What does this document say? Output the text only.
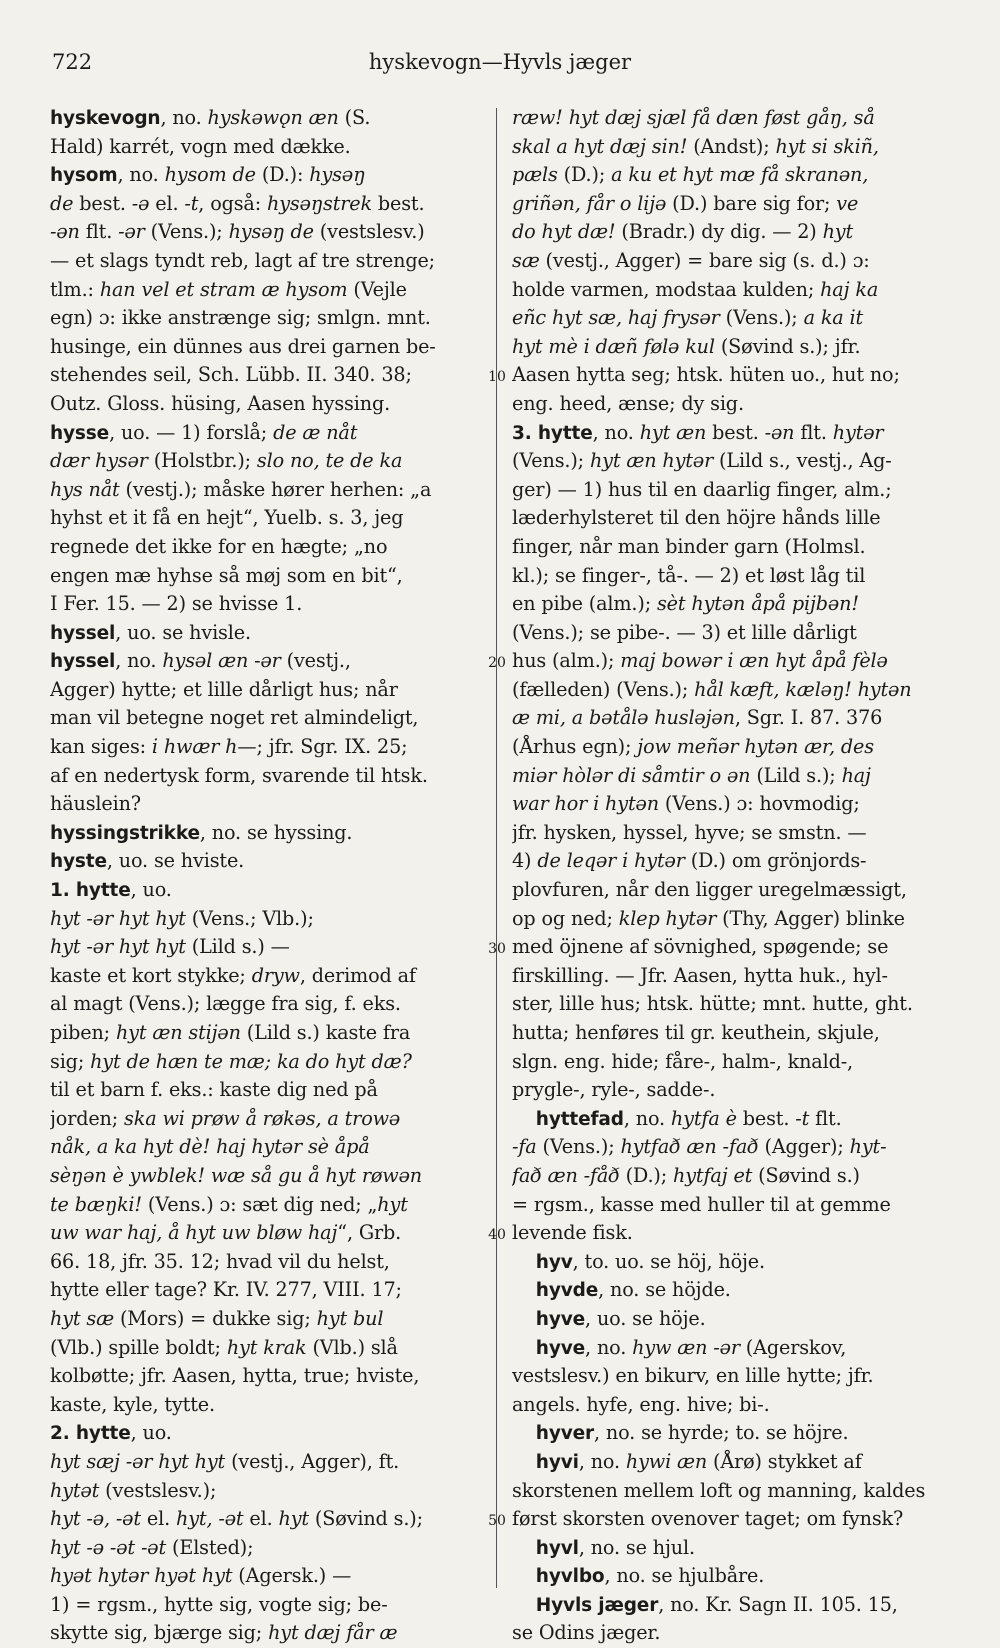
722	hyskevogn—Hyvls jæger
hyskevogn, no. hyskəwǫn æn (S.
Hald) karrét, vogn med dække.
hysom, no. hysom de (D.): hysəŋ
de best. -ə el. -t, også: hysəŋstrek best.
-ən flt. -ər (Vens.); hysəŋ de (vestslesv.)
— et slags tyndt reb, lagt af tre strenge;
tlm.: han vel et stram æ hysom (Vejle
egn) ɔ: ikke anstrænge sig; smlgn. mnt.
husinge, ein dünnes aus drei garnen be-
stehendes seil, Sch. Lübb. II. 340. 38;
Outz. Gloss. hüsing, Aasen hyssing.
hysse, uo. — 1) forslå; de æ nåt
dær hysər (Holstbr.); slo no, te de ka
hys nåt (vestj.); måske hører herhen: „a
hyhst et it få en hejt“, Yuelb. s. 3, jeg
regnede det ikke for en hægte; „no
engen mæ hyhse så møj som en bit“,
I Fer. 15. — 2) se hvisse 1.
hyssel, uo. se hvisle.
hyssel, no. hysəl æn -ər (vestj.,
Agger) hytte; et lille dårligt hus; når
man vil betegne noget ret almindeligt,
kan siges: i hwær h—; jfr. Sgr. IX. 25;
af en nedertysk form, svarende til htsk.
häuslein?
hyssingstrikke, no. se hyssing.
hyste, uo. se hviste.
1. hytte, uo.
hyt -ər hyt hyt (Vens.; Vlb.);
hyt -ər hyt hyt (Lild s.) —
kaste et kort stykke; dryw, derimod af
al magt (Vens.); lægge fra sig, f. eks.
piben; hyt æn stijən (Lild s.) kaste fra
sig; hyt de hæn te mæ; ka do hyt dæ?
til et barn f. eks.: kaste dig ned på
jorden; ska wi prøw å røkəs, a trowə
nåk, a ka hyt dè! haj hytər sè åpå
sèŋən è ywblek! wæ så gu å hyt røwən
te bæŋki! (Vens.) ɔ: sæt dig ned; „hyt
uw war haj, å hyt uw bløw haj“, Grb.
66. 18, jfr. 35. 12; hvad vil du helst,
hytte eller tage? Kr. IV. 277, VIII. 17;
hyt sæ (Mors) = dukke sig; hyt bul
(Vlb.) spille boldt; hyt krak (Vlb.) slå
kolbøtte; jfr. Aasen, hytta, true; hviste,
kaste, kyle, tytte.
2. hytte, uo.
hyt sæj -ər hyt hyt (vestj., Agger), ft.
hytət (vestslesv.);
hyt -ə, -ət el. hyt, -ət el. hyt (Søvind s.);
hyt -ə -ət -ət (Elsted);
hyət hytər hyət hyt (Agersk.) —
1) = rgsm., hytte sig, vogte sig; be-
skytte sig, bjærge sig; hyt dæj får æ
ræw! hyt dæj sjæl få dæn føst gåŋ, så
skal a hyt dæj sin! (Andst); hyt si skiñ,
pæls (D.); a ku et hyt mæ få skranən,
griñən, får o lijə (D.) bare sig for; ve
do hyt dæ! (Bradr.) dy dig. — 2) hyt
sæ (vestj., Agger) = bare sig (s. d.) ɔ:
holde varmen, modstaa kulden; haj ka
eñc hyt sæ, haj frysər (Vens.); a ka it
hyt mè i dæñ følə kul (Søvind s.); jfr.
Aasen hytta seg; htsk. hüten uo., hut no;
eng. heed, ænse; dy sig.
3. hytte, no. hyt æn best. -ən flt. hytər
(Vens.); hyt æn hytər (Lild s., vestj., Ag-
ger) — 1) hus til en daarlig finger, alm.;
læderhylsteret til den höjre hånds lille
finger, når man binder garn (Holmsl.
kl.); se finger-, tå-. — 2) et løst låg til
en pibe (alm.); sèt hytən åpå pijbən!
(Vens.); se pibe-. — 3) et lille dårligt
hus (alm.); maj bowər i æn hyt åpå fèlə
(fælleden) (Vens.); hål kæft, kæləŋ! hytən
æ mi, a bətålə husləjən, Sgr. I. 87. 376
(Århus egn); jow meñər hytən ær, des
miər hòlər di såmtir o ən (Lild s.); haj
war hor i hytən (Vens.) ɔ: hovmodig;
jfr. hysken, hyssel, hyve; se smstn. —
4) de leqər i hytər (D.) om grönjords-
plovfuren, når den ligger uregelmæssigt,
op og ned; klep hytər (Thy, Agger) blinke
med öjnene af sövnighed, spøgende; se
firskilling. — Jfr. Aasen, hytta huk., hyl-
ster, lille hus; htsk. hütte; mnt. hutte, ght.
hutta; henføres til gr. keuthein, skjule,
slgn. eng. hide; fåre-, halm-, knald-,
prygle-, ryle-, sadde-.
hyttefad, no. hytfa è best. -t flt.
-fa (Vens.); hytfað æn -fað (Agger); hyt-
fað æn -fåð (D.); hytfaj et (Søvind s.)
= rgsm., kasse med huller til at gemme
levende fisk.
hyv, to. uo. se höj, höje.
hyvde, no. se höjde.
hyve, uo. se höje.
hyve, no. hyw æn -ər (Agerskov,
vestslesv.) en bikurv, en lille hytte; jfr.
angels. hyfe, eng. hive; bi-.
hyver, no. se hyrde; to. se höjre.
hyvi, no. hywi æn (Årø) stykket af
skorstenen mellem loft og manning, kaldes
først skorsten ovenover taget; om fynsk?
hyvl, no. se hjul.
hyvlbo, no. se hjulbåre.
Hyvls jæger, no. Kr. Sagn II. 105. 15,
se Odins jæger.
10
20
30
40
50
